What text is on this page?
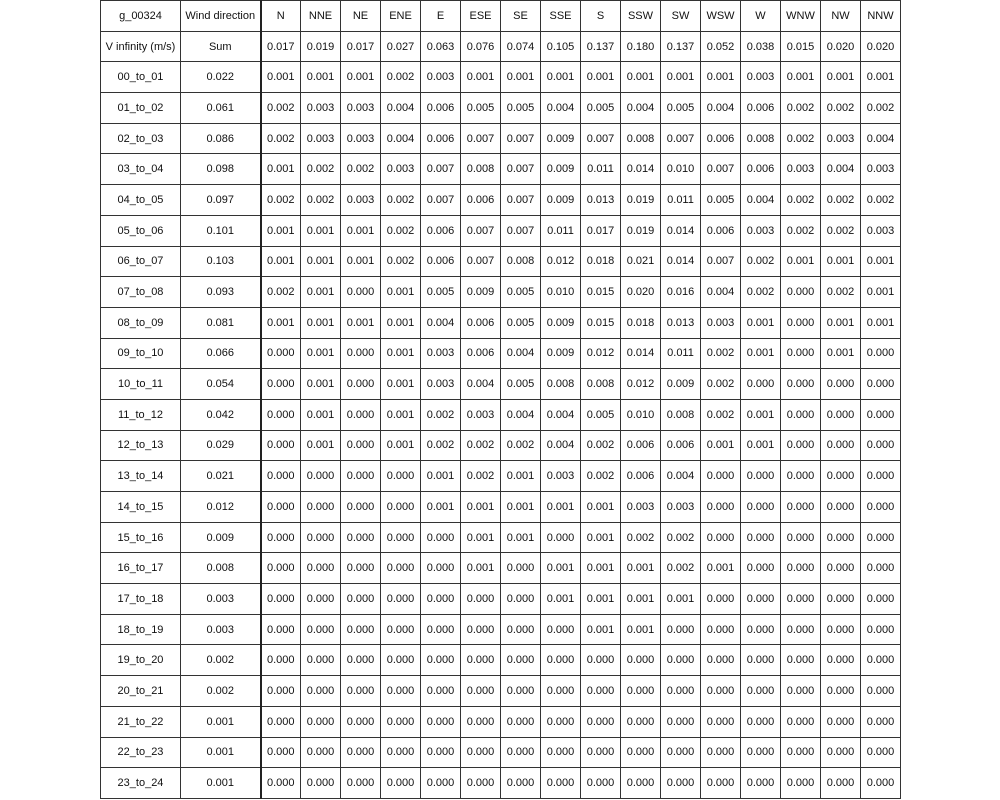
g_00324	Wind direction	N	NNE	NE	ENE	E	ESE	SE	SSE	S	SSW	SW	WSW	W	WNW	NW	NNW
V infinity (m/s)	Sum	0.017	0.019	0.017	0.027	0.063	0.076	0.074	0.105	0.137	0.180	0.137	0.052	0.038	0.015	0.020	0.020
00_to_01	0.022	0.001	0.001	0.001	0.002	0.003	0.001	0.001	0.001	0.001	0.001	0.001	0.001	0.003	0.001	0.001	0.001
01_to_02	0.061	0.002	0.003	0.003	0.004	0.006	0.005	0.005	0.004	0.005	0.004	0.005	0.004	0.006	0.002	0.002	0.002
02_to_03	0.086	0.002	0.003	0.003	0.004	0.006	0.007	0.007	0.009	0.007	0.008	0.007	0.006	0.008	0.002	0.003	0.004
03_to_04	0.098	0.001	0.002	0.002	0.003	0.007	0.008	0.007	0.009	0.011	0.014	0.010	0.007	0.006	0.003	0.004	0.003
04_to_05	0.097	0.002	0.002	0.003	0.002	0.007	0.006	0.007	0.009	0.013	0.019	0.011	0.005	0.004	0.002	0.002	0.002
05_to_06	0.101	0.001	0.001	0.001	0.002	0.006	0.007	0.007	0.011	0.017	0.019	0.014	0.006	0.003	0.002	0.002	0.003
06_to_07	0.103	0.001	0.001	0.001	0.002	0.006	0.007	0.008	0.012	0.018	0.021	0.014	0.007	0.002	0.001	0.001	0.001
07_to_08	0.093	0.002	0.001	0.000	0.001	0.005	0.009	0.005	0.010	0.015	0.020	0.016	0.004	0.002	0.000	0.002	0.001
08_to_09	0.081	0.001	0.001	0.001	0.001	0.004	0.006	0.005	0.009	0.015	0.018	0.013	0.003	0.001	0.000	0.001	0.001
09_to_10	0.066	0.000	0.001	0.000	0.001	0.003	0.006	0.004	0.009	0.012	0.014	0.011	0.002	0.001	0.000	0.001	0.000
10_to_11	0.054	0.000	0.001	0.000	0.001	0.003	0.004	0.005	0.008	0.008	0.012	0.009	0.002	0.000	0.000	0.000	0.000
11_to_12	0.042	0.000	0.001	0.000	0.001	0.002	0.003	0.004	0.004	0.005	0.010	0.008	0.002	0.001	0.000	0.000	0.000
12_to_13	0.029	0.000	0.001	0.000	0.001	0.002	0.002	0.002	0.004	0.002	0.006	0.006	0.001	0.001	0.000	0.000	0.000
13_to_14	0.021	0.000	0.000	0.000	0.000	0.001	0.002	0.001	0.003	0.002	0.006	0.004	0.000	0.000	0.000	0.000	0.000
14_to_15	0.012	0.000	0.000	0.000	0.000	0.001	0.001	0.001	0.001	0.001	0.003	0.003	0.000	0.000	0.000	0.000	0.000
15_to_16	0.009	0.000	0.000	0.000	0.000	0.000	0.001	0.001	0.000	0.001	0.002	0.002	0.000	0.000	0.000	0.000	0.000
16_to_17	0.008	0.000	0.000	0.000	0.000	0.000	0.001	0.000	0.001	0.001	0.001	0.002	0.001	0.000	0.000	0.000	0.000
17_to_18	0.003	0.000	0.000	0.000	0.000	0.000	0.000	0.000	0.001	0.001	0.001	0.001	0.000	0.000	0.000	0.000	0.000
18_to_19	0.003	0.000	0.000	0.000	0.000	0.000	0.000	0.000	0.000	0.001	0.001	0.000	0.000	0.000	0.000	0.000	0.000
19_to_20	0.002	0.000	0.000	0.000	0.000	0.000	0.000	0.000	0.000	0.000	0.000	0.000	0.000	0.000	0.000	0.000	0.000
20_to_21	0.002	0.000	0.000	0.000	0.000	0.000	0.000	0.000	0.000	0.000	0.000	0.000	0.000	0.000	0.000	0.000	0.000
21_to_22	0.001	0.000	0.000	0.000	0.000	0.000	0.000	0.000	0.000	0.000	0.000	0.000	0.000	0.000	0.000	0.000	0.000
22_to_23	0.001	0.000	0.000	0.000	0.000	0.000	0.000	0.000	0.000	0.000	0.000	0.000	0.000	0.000	0.000	0.000	0.000
23_to_24	0.001	0.000	0.000	0.000	0.000	0.000	0.000	0.000	0.000	0.000	0.000	0.000	0.000	0.000	0.000	0.000	0.000
